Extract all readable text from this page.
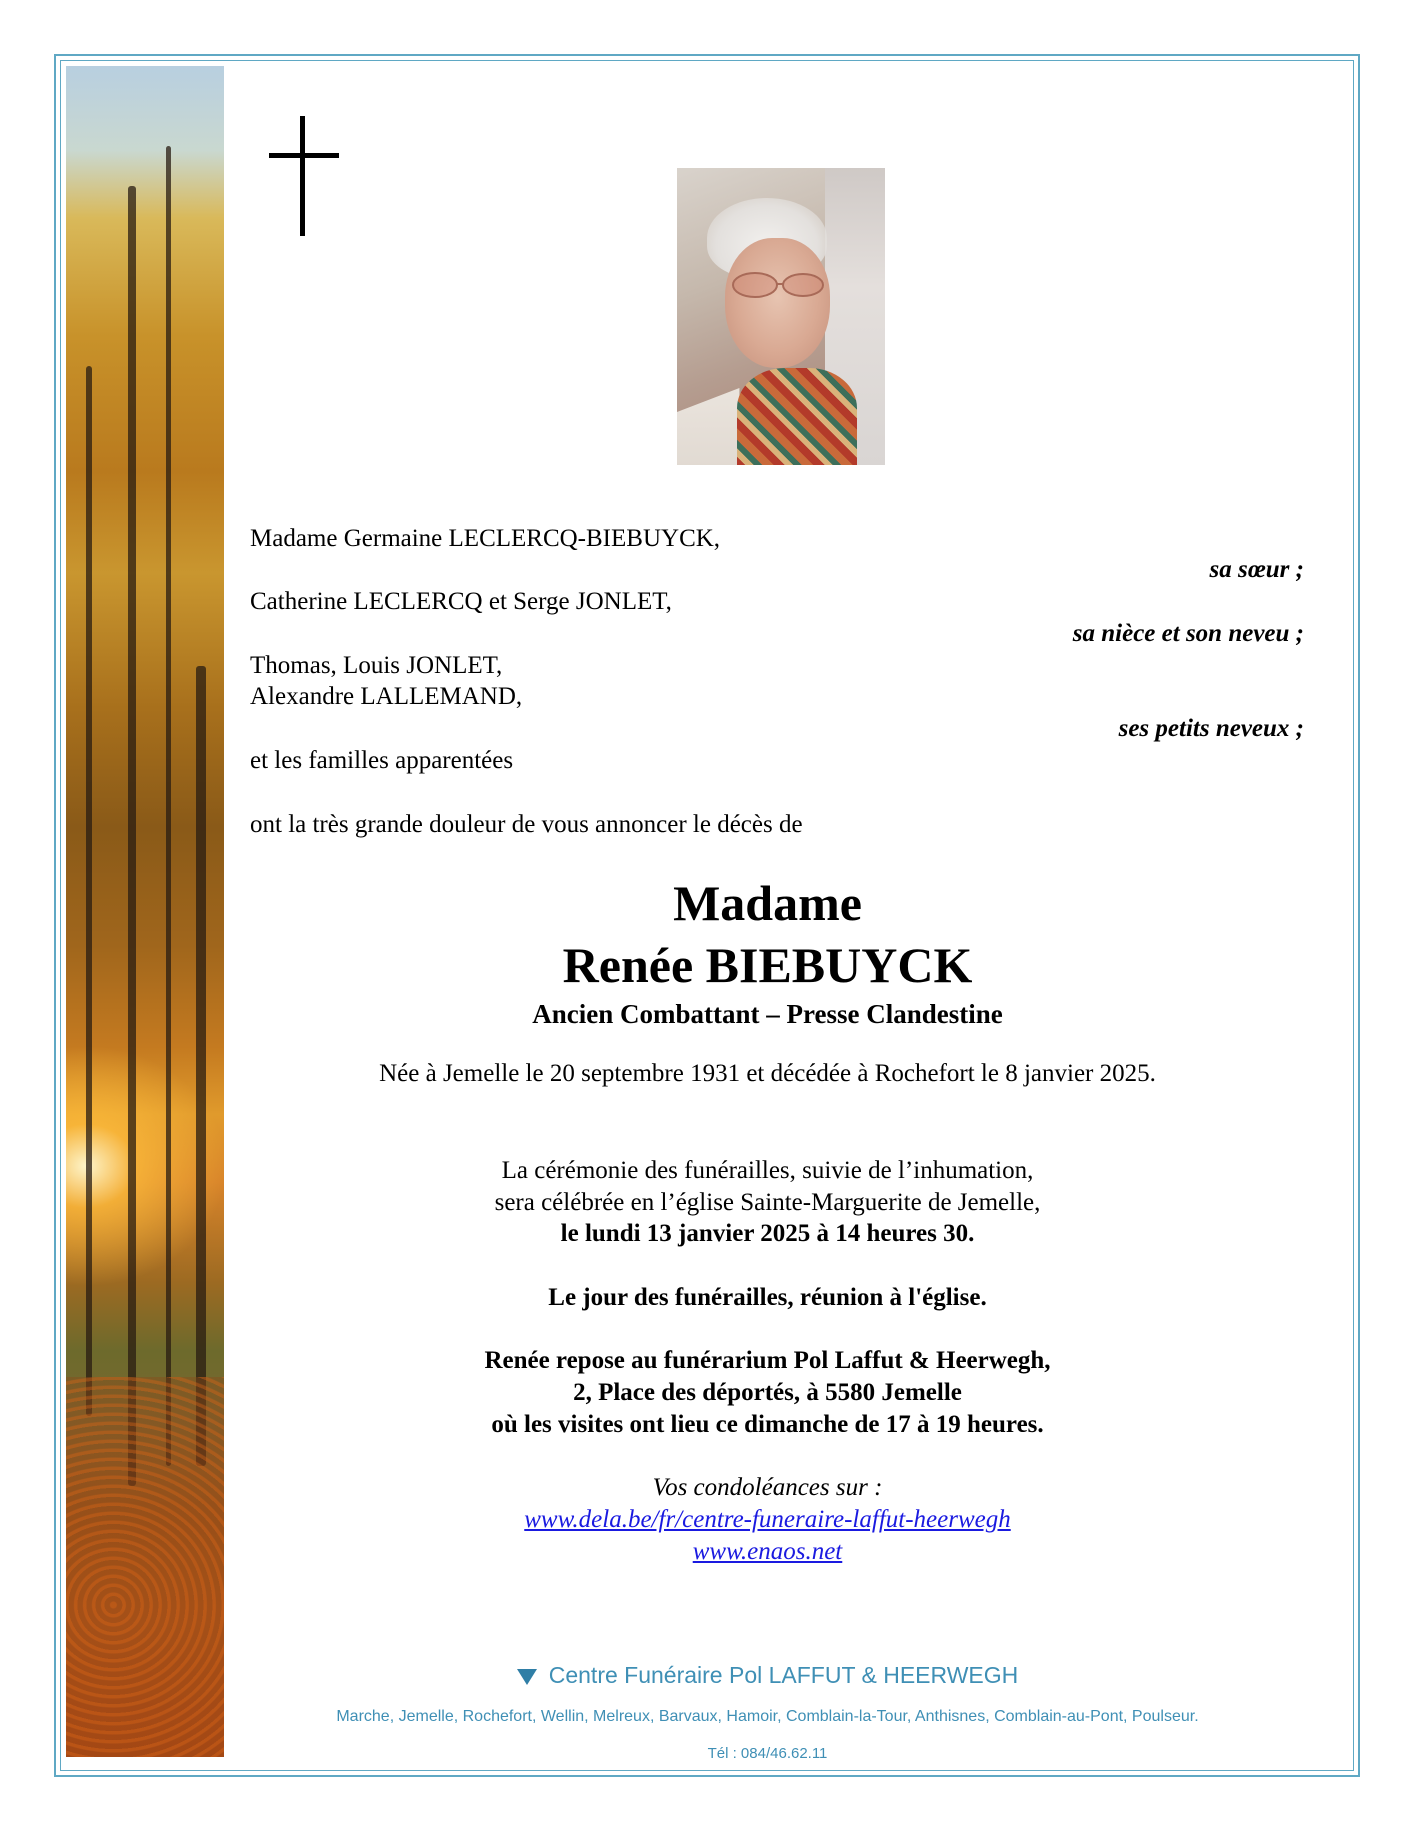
Madame Germaine LECLERCQ-BIEBUYCK,
sa sœur ;
Catherine LECLERCQ et Serge JONLET,
sa nièce et son neveu ;
Thomas, Louis JONLET,
Alexandre LALLEMAND,
ses petits neveux ;
et les familles apparentées
ont la très grande douleur de vous annoncer le décès de
Madame
Renée BIEBUYCK
Ancien Combattant – Presse Clandestine
Née à Jemelle le 20 septembre 1931 et décédée à Rochefort le 8 janvier 2025.
La cérémonie des funérailles, suivie de l’inhumation,
sera célébrée en l’église Sainte-Marguerite de Jemelle,
le lundi 13 janvier 2025 à 14 heures 30.
Le jour des funérailles, réunion à l'église.
Renée repose au funérarium Pol Laffut & Heerwegh,
2, Place des déportés, à 5580 Jemelle
où les visites ont lieu ce dimanche de 17 à 19 heures.
Vos condoléances sur :
www.dela.be/fr/centre-funeraire-laffut-heerwegh
www.enaos.net
Centre Funéraire Pol LAFFUT & HEERWEGH
Marche, Jemelle, Rochefort, Wellin, Melreux, Barvaux, Hamoir, Comblain-la-Tour, Anthisnes, Comblain-au-Pont, Poulseur.
Tél : 084/46.62.11
